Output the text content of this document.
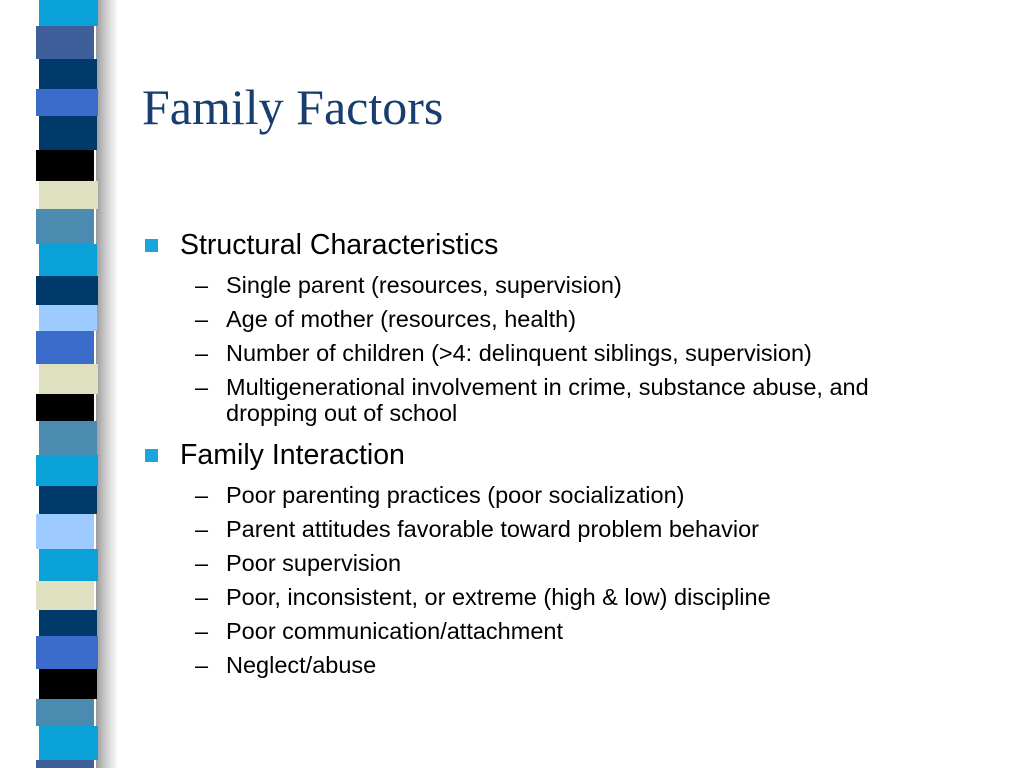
Family Factors
Structural Characteristics
– Single parent (resources, supervision)
– Age of mother (resources, health)
– Number of children (>4: delinquent siblings, supervision)
– Multigenerational involvement in crime, substance abuse, and dropping out of school
Family Interaction
– Poor parenting practices (poor socialization)
– Parent attitudes favorable toward problem behavior
– Poor supervision
– Poor, inconsistent, or extreme (high & low) discipline
– Poor communication/attachment
– Neglect/abuse
